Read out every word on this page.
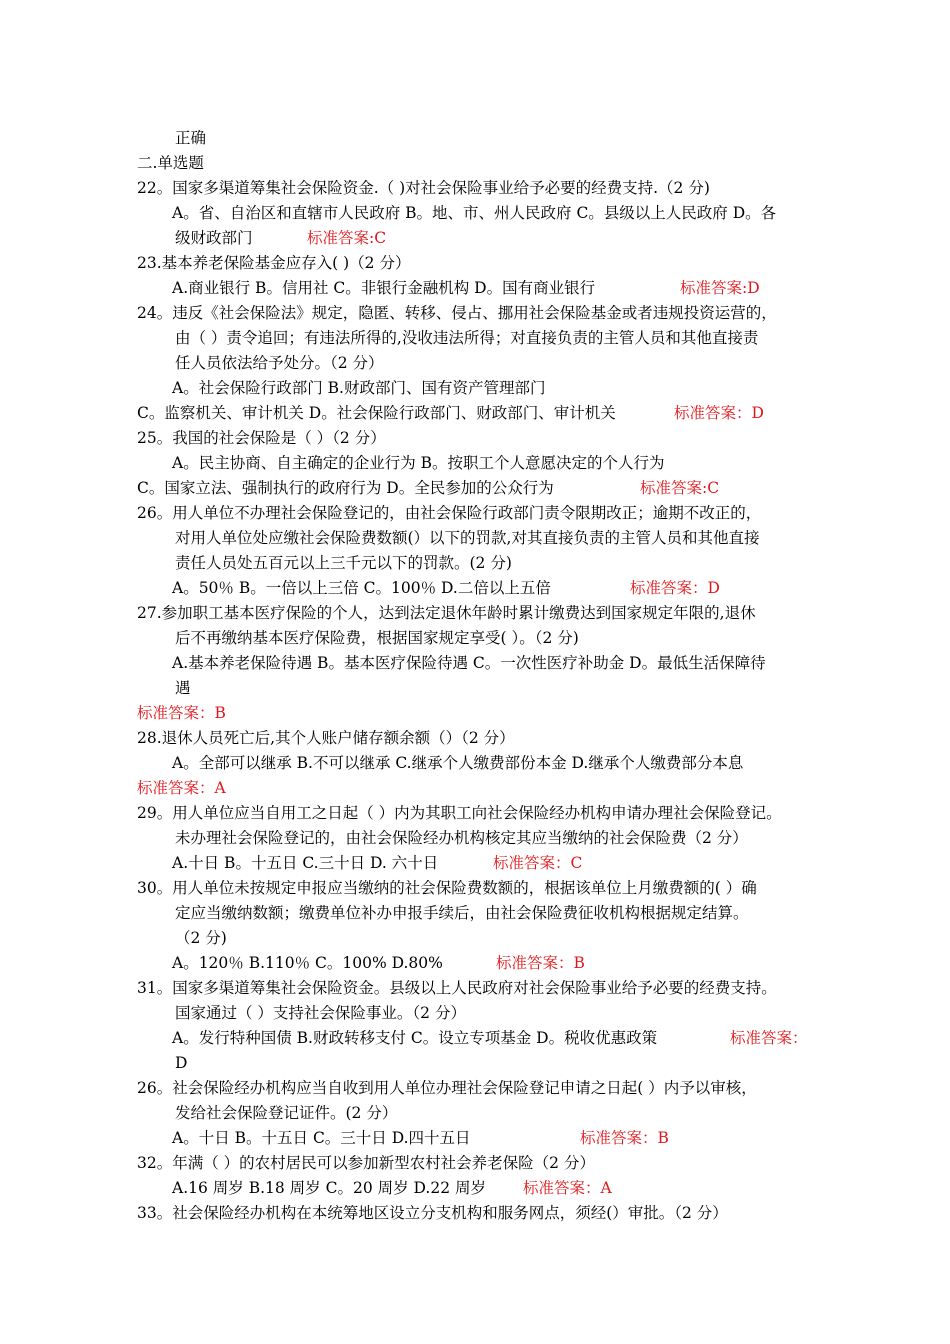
正确
二.单选题
22。国家多渠道筹集社会保险资金.（ )对社会保险事业给予必要的经费支持.（2 分)
A。省、自治区和直辖市人民政府 B。地、市、州人民政府 C。县级以上人民政府 D。各
级财政部门	标准答案:C
23.基本养老保险基金应存入( )（2 分）
A.商业银行 B。信用社 C。非银行金融机构 D。国有商业银行	标准答案:D
24。违反《社会保险法》规定，隐匿、转移、侵占、挪用社会保险基金或者违规投资运营的，
由（ ）责令追回；有违法所得的,没收违法所得；对直接负责的主管人员和其他直接责
任人员依法给予处分。（2 分）
A。社会保险行政部门 B.财政部门、国有资产管理部门
C。监察机关、审计机关 D。社会保险行政部门、财政部门、审计机关	标准答案：D
25。我国的社会保险是（ ）（2 分）
A。民主协商、自主确定的企业行为 B。按职工个人意愿决定的个人行为
C。国家立法、强制执行的政府行为 D。全民参加的公众行为	标准答案:C
26。用人单位不办理社会保险登记的，由社会保险行政部门责令限期改正；逾期不改正的，
对用人单位处应缴社会保险费数额(）以下的罚款,对其直接负责的主管人员和其他直接
责任人员处五百元以上三千元以下的罚款。(2 分)
A。50％ B。一倍以上三倍 C。100％ D.二倍以上五倍	标准答案：D
27.参加职工基本医疗保险的个人，达到法定退休年龄时累计缴费达到国家规定年限的,退休
后不再缴纳基本医疗保险费，根据国家规定享受( ）。（2 分)
A.基本养老保险待遇 B。基本医疗保险待遇 C。一次性医疗补助金 D。最低生活保障待
遇
标准答案：B
28.退休人员死亡后,其个人账户储存额余额（）（2 分）
A。全部可以继承 B.不可以继承 C.继承个人缴费部份本金 D.继承个人缴费部分本息
标准答案：A
29。用人单位应当自用工之日起（ ）内为其职工向社会保险经办机构申请办理社会保险登记。
未办理社会保险登记的，由社会保险经办机构核定其应当缴纳的社会保险费（2 分）
A.十日 B。十五日 C.三十日 D. 六十日	标准答案：C
30。用人单位未按规定申报应当缴纳的社会保险费数额的，根据该单位上月缴费额的( ）确
定应当缴纳数额；缴费单位补办申报手续后，由社会保险费征收机构根据规定结算。
（2 分)
A。120％ B.110％ C。100% D.80%	标准答案：B
31。国家多渠道筹集社会保险资金。县级以上人民政府对社会保险事业给予必要的经费支持。
国家通过（ ）支持社会保险事业。（2 分）
A。发行特种国债 B.财政转移支付 C。设立专项基金 D。税收优惠政策	标准答案：
D
26。社会保险经办机构应当自收到用人单位办理社会保险登记申请之日起( ）内予以审核，
发给社会保险登记证件。(2 分）
A。十日 B。十五日 C。三十日 D.四十五日	标准答案：B
32。年满（ ）的农村居民可以参加新型农村社会养老保险（2 分）
A.16 周岁 B.18 周岁 C。20 周岁 D.22 周岁 标准答案：A
33。社会保险经办机构在本统筹地区设立分支机构和服务网点，须经(）审批。（2 分）
